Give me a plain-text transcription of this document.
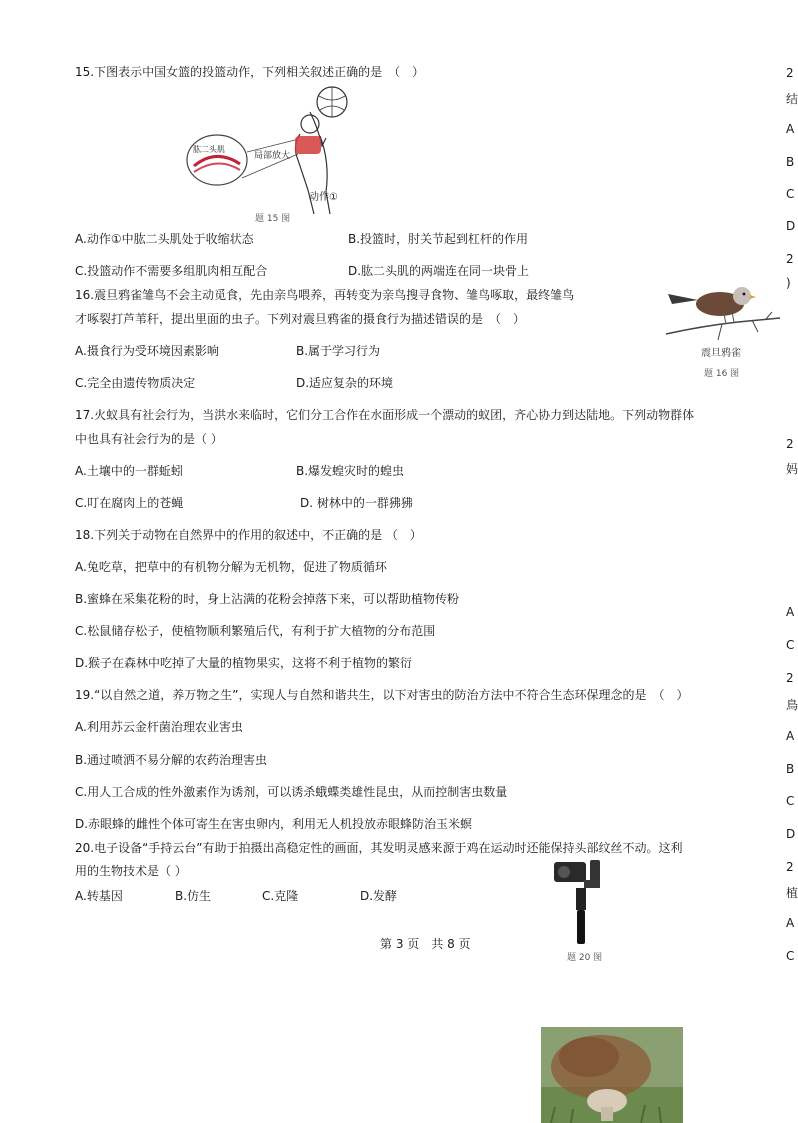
15.下图表示中国女篮的投篮动作，下列相关叙述正确的是　（　）
肱二头肌
局部放大
动作①
题 15 图
A.动作①中肱二头肌处于收缩状态	B.投篮时，肘关节起到杠杆的作用
C.投篮动作不需要多组肌肉相互配合	D.肱二头肌的两端连在同一块骨上
16.震旦鸦雀雏鸟不会主动觅食，先由亲鸟喂养，再转变为亲鸟搜寻食物、雏鸟啄取，最终雏鸟
才啄裂打芦苇秆，提出里面的虫子。下列对震旦鸦雀的摄食行为描述错误的是　（　）
震旦鸦雀
题 16 图
A.摄食行为受环境因素影响	B.属于学习行为
C.完全由遗传物质决定	D.适应复杂的环境
17.火蚁具有社会行为，当洪水来临时，它们分工合作在水面形成一个漂动的蚁团，齐心协力到达陆地。下列动物群体
中也具有社会行为的是（ ）
A.土壤中的一群蚯蚓	B.爆发蝗灾时的蝗虫
C.叮在腐肉上的苍蝇	D. 树林中的一群狒狒
18.下列关于动物在自然界中的作用的叙述中，不正确的是 （　）
A.兔吃草，把草中的有机物分解为无机物，促进了物质循环
B.蜜蜂在采集花粉的时，身上沾满的花粉会掉落下来，可以帮助植物传粉
C.松鼠储存松子，使植物顺利繁殖后代，有利于扩大植物的分布范围
D.猴子在森林中吃掉了大量的植物果实，这将不利于植物的繁衍
19.“以自然之道，养万物之生”，实现人与自然和谐共生，以下对害虫的防治方法中不符合生态环保理念的是　（　）
A.利用苏云金杆菌治理农业害虫
B.通过喷洒不易分解的农药治理害虫
C.用人工合成的性外激素作为诱剂，可以诱杀蛾蝶类雄性昆虫，从而控制害虫数量
D.赤眼蜂的雌性个体可寄生在害虫卵内，利用无人机投放赤眼蜂防治玉米螟
20.电子设备“手持云台”有助于拍摄出高稳定性的画面，其发明灵感来源于鸡在运动时还能保持头部纹丝不动。这利
用的生物技术是（ ）
A.转基因	B.仿生	C.克隆	D.发酵
题 20 图
第 3 页　共 8 页
2
结
A
B
C
D
2
)
2
妈
A
C
2
鳥
A
B
C
D
2
植
A
C
